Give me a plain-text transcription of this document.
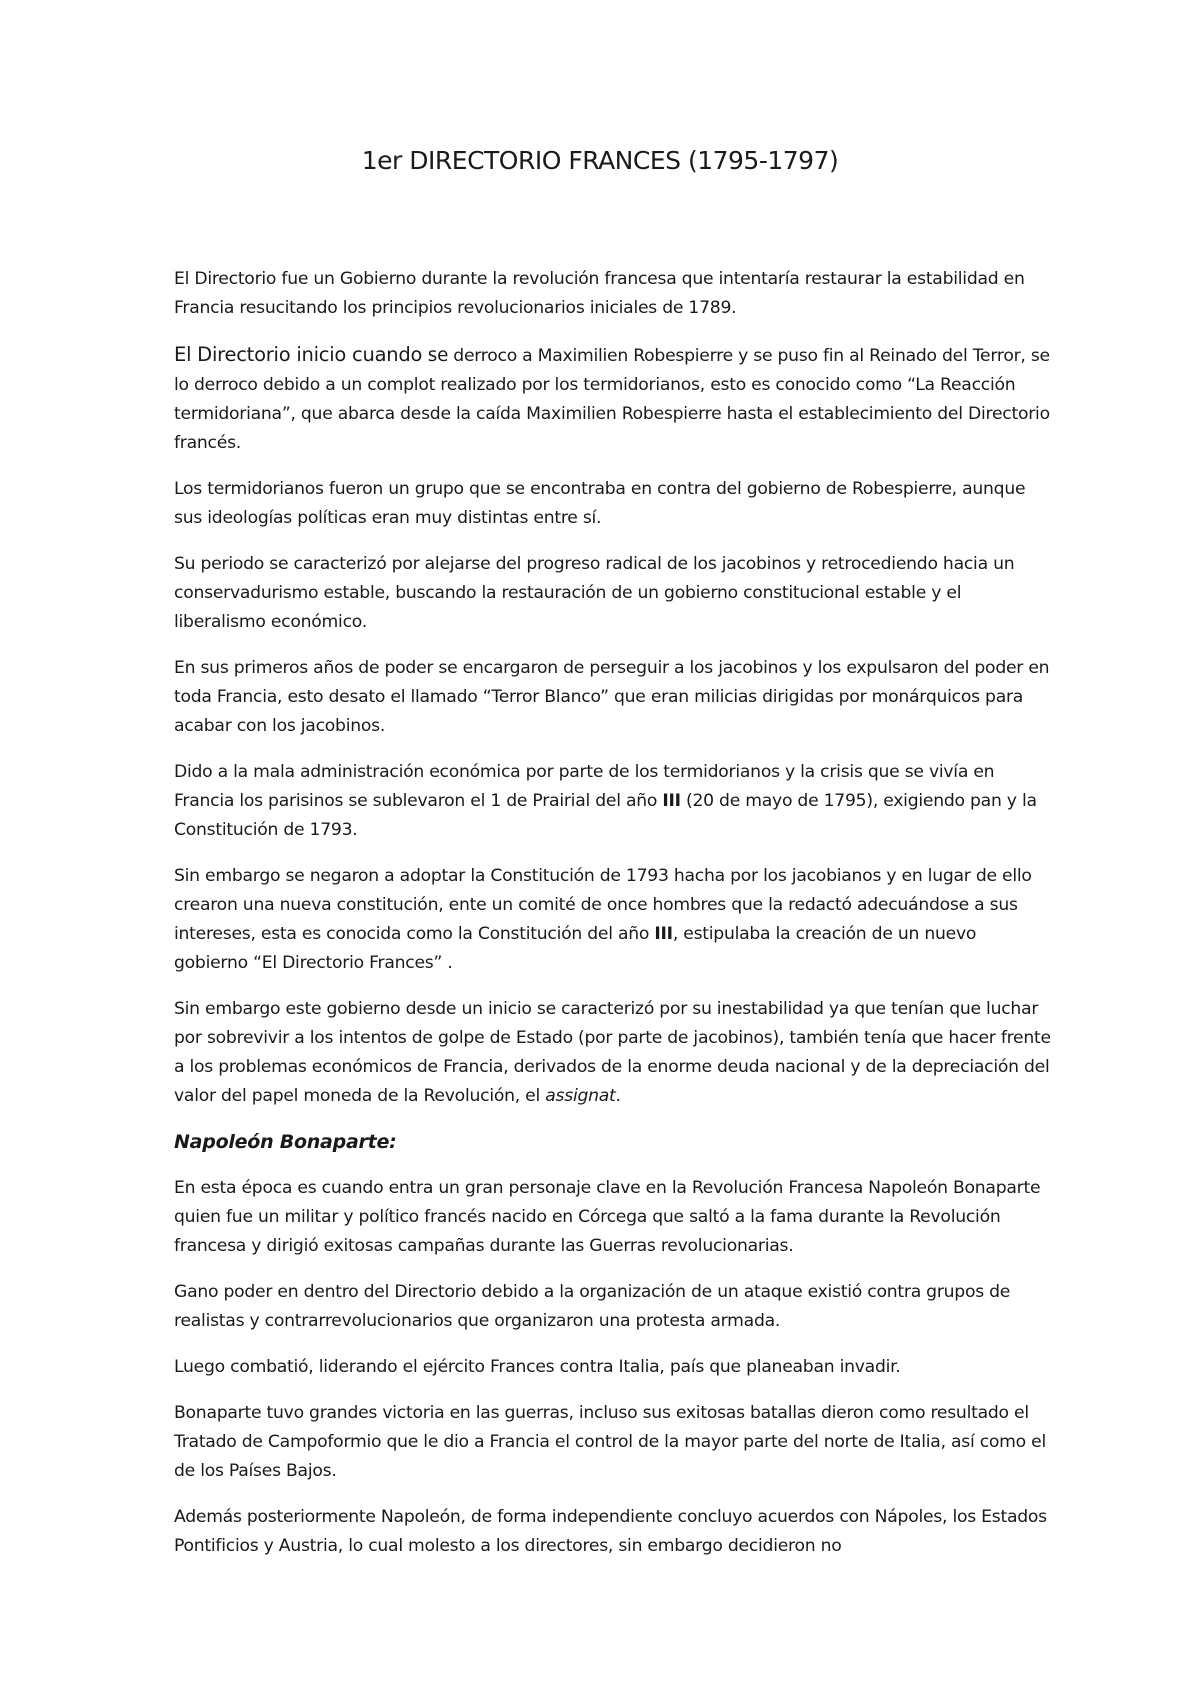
1er DIRECTORIO FRANCES (1795-1797)

El Directorio fue un Gobierno durante la revolución francesa que intentaría restaurar la estabilidad en Francia resucitando los principios revolucionarios iniciales de 1789.

El Directorio inicio cuando se derroco a Maximilien Robespierre y se puso fin al Reinado del Terror, se lo derroco debido a un complot realizado por los termidorianos, esto es conocido como “La Reacción termidoriana”, que abarca desde la caída Maximilien Robespierre hasta el establecimiento del Directorio francés.

Los termidorianos fueron un grupo que se encontraba en contra del gobierno de Robespierre, aunque sus ideologías políticas eran muy distintas entre sí.

Su periodo se caracterizó por alejarse del progreso radical de los jacobinos y retrocediendo hacia un conservadurismo estable, buscando la restauración de un gobierno constitucional estable y el liberalismo económico.

En sus primeros años de poder se encargaron de perseguir a los jacobinos y los expulsaron del poder en toda Francia, esto desato el llamado “Terror Blanco” que eran milicias dirigidas por monárquicos para acabar con los jacobinos.

Dido a la mala administración económica por parte de los termidorianos y la crisis que se vivía en Francia los parisinos se sublevaron el 1 de Prairial del año III (20 de mayo de 1795), exigiendo pan y la Constitución de 1793.

Sin embargo se negaron a adoptar la Constitución de 1793 hacha por los jacobianos y en lugar de ello crearon una nueva constitución, ente un comité de once hombres que la redactó adecuándose a sus intereses, esta es conocida como la Constitución del año III, estipulaba la creación de un nuevo gobierno “El Directorio Frances” .

Sin embargo este gobierno desde un inicio se caracterizó por su inestabilidad ya que tenían que luchar por sobrevivir a los intentos de golpe de Estado (por parte de jacobinos), también tenía que hacer frente a los problemas económicos de Francia, derivados de la enorme deuda nacional y de la depreciación del valor del papel moneda de la Revolución, el assignat.

Napoleón Bonaparte:

En esta época es cuando entra un gran personaje clave en la Revolución Francesa Napoleón Bonaparte quien fue un militar y político francés nacido en Córcega que saltó a la fama durante la Revolución francesa y dirigió exitosas campañas durante las Guerras revolucionarias.

Gano poder en dentro del Directorio debido a la organización de un ataque existió contra grupos de realistas y contrarrevolucionarios que organizaron una protesta armada.

Luego combatió, liderando el ejército Frances contra Italia, país que planeaban invadir.

Bonaparte tuvo grandes victoria en las guerras, incluso sus exitosas batallas dieron como resultado el Tratado de Campoformio que le dio a Francia el control de la mayor parte del norte de Italia, así como el de los Países Bajos.

Además posteriormente Napoleón, de forma independiente concluyo acuerdos con Nápoles, los Estados Pontificios y Austria, lo cual molesto a los directores, sin embargo decidieron no
